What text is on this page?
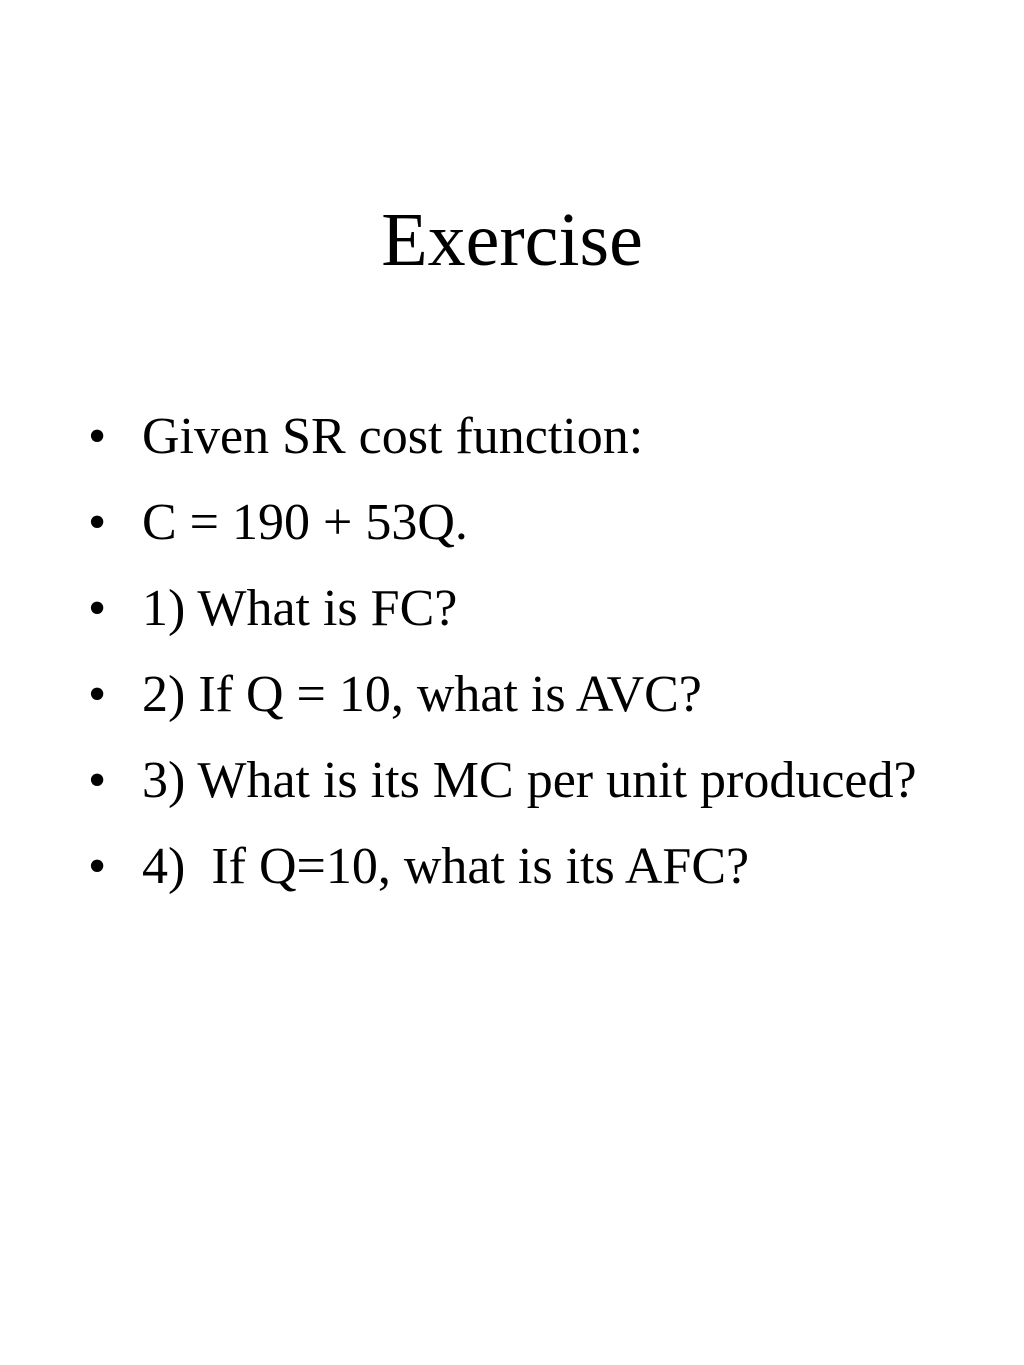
Exercise
• Given SR cost function:
• C = 190 + 53Q.
• 1) What is FC?
• 2) If Q = 10, what is AVC?
• 3) What is its MC per unit produced?
• 4)  If Q=10, what is its AFC?
